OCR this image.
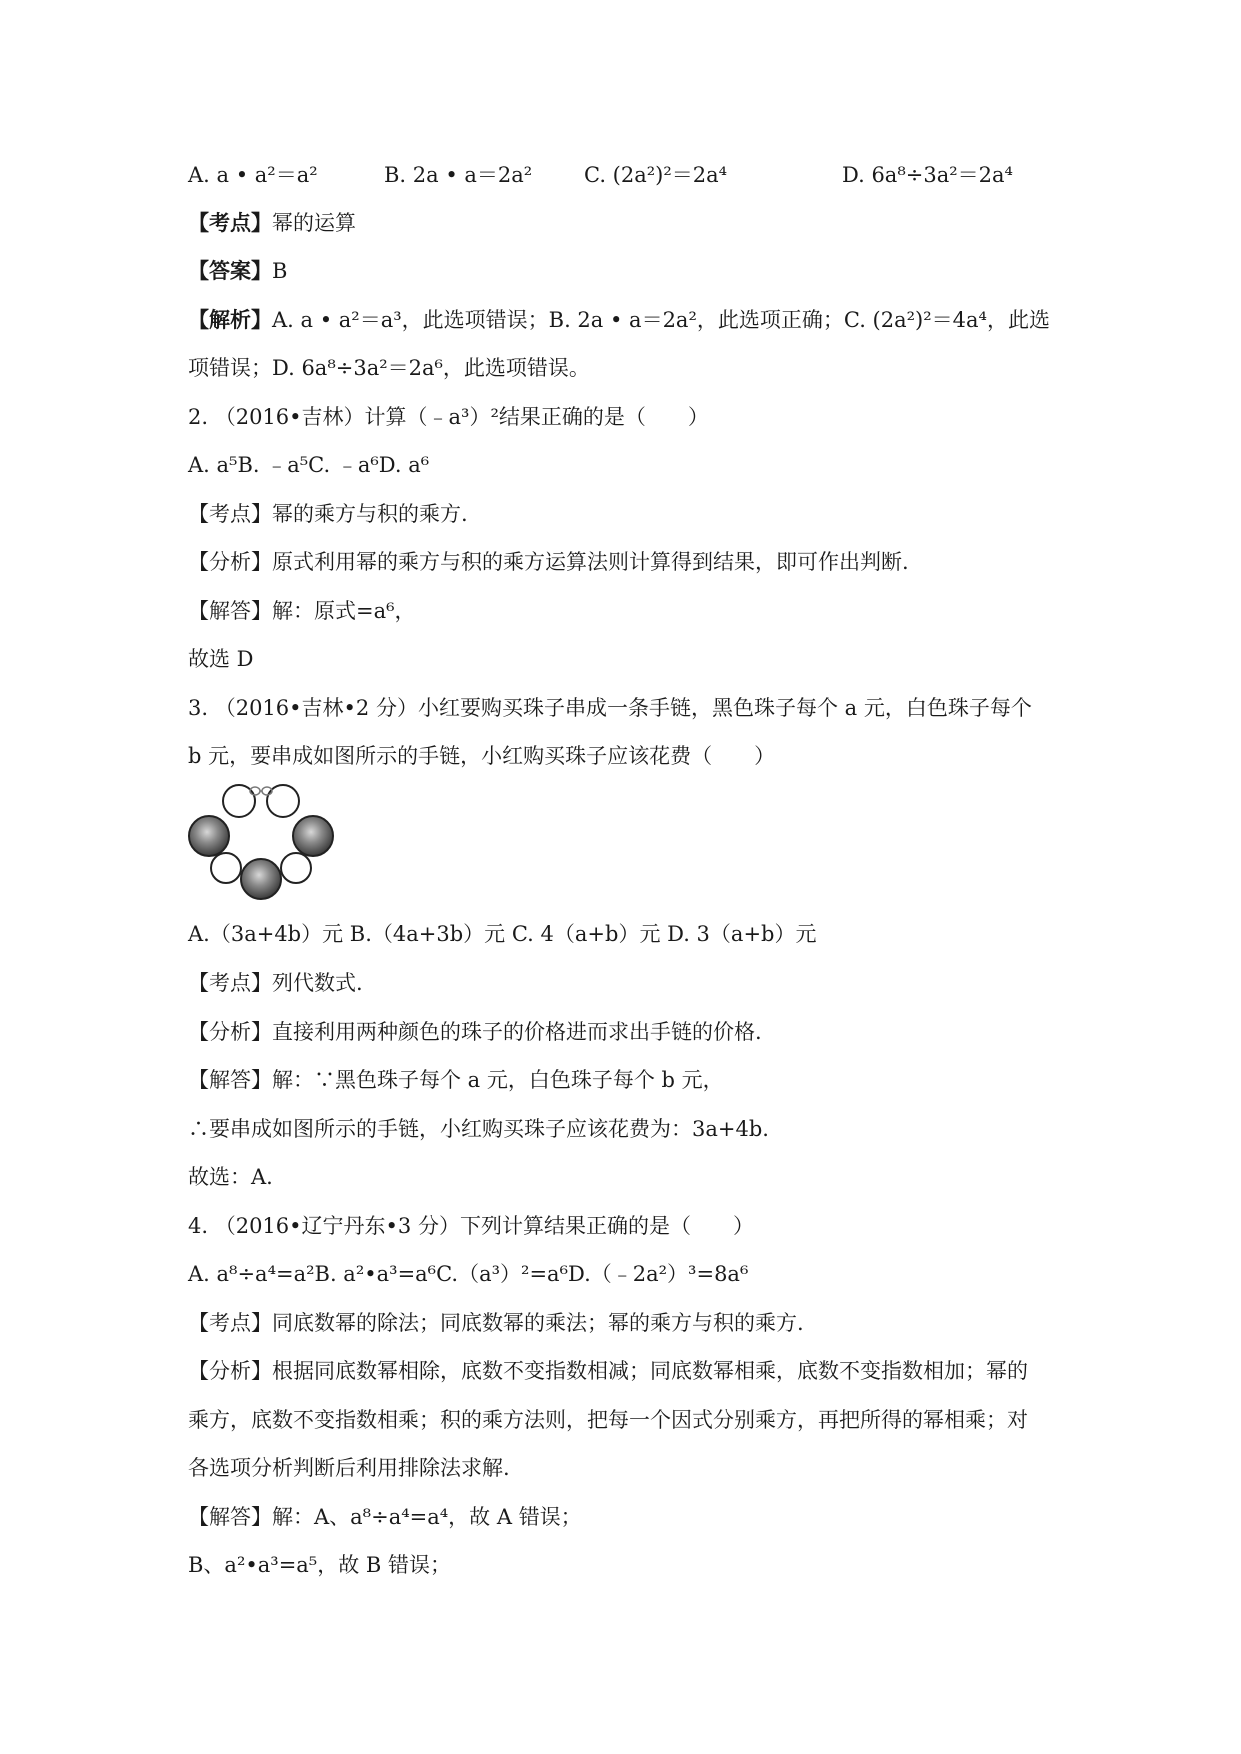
A. a • a²＝a²	B. 2a • a＝2a² C. (2a²)²＝2a⁴	D. 6a⁸÷3a²＝2a⁴

【考点】幂的运算

【答案】B

【解析】A. a • a²＝a³，此选项错误；B. 2a • a＝2a²，此选项正确；C. (2a²)²＝4a⁴，此选

项错误；D. 6a⁸÷3a²＝2a⁶，此选项错误。

2. （2016•吉林）计算（﹣a³）²结果正确的是（　　）

A. a⁵B. ﹣a⁵C. ﹣a⁶D. a⁶

【考点】幂的乘方与积的乘方.

【分析】原式利用幂的乘方与积的乘方运算法则计算得到结果，即可作出判断.

【解答】解：原式=a⁶，

故选 D

3. （2016•吉林•2 分）小红要购买珠子串成一条手链，黑色珠子每个 a 元，白色珠子每个

b 元，要串成如图所示的手链，小红购买珠子应该花费（　　）

A.（3a+4b）元 B.（4a+3b）元 C. 4（a+b）元 D. 3（a+b）元

【考点】列代数式.

【分析】直接利用两种颜色的珠子的价格进而求出手链的价格.

【解答】解：∵黑色珠子每个 a 元，白色珠子每个 b 元，

∴要串成如图所示的手链，小红购买珠子应该花费为：3a+4b.

故选：A.

4. （2016•辽宁丹东•3 分）下列计算结果正确的是（　　）

A. a⁸÷a⁴=a²B. a²•a³=a⁶C.（a³）²=a⁶D.（﹣2a²）³=8a⁶

【考点】同底数幂的除法；同底数幂的乘法；幂的乘方与积的乘方.

【分析】根据同底数幂相除，底数不变指数相减；同底数幂相乘，底数不变指数相加；幂的

乘方，底数不变指数相乘；积的乘方法则，把每一个因式分别乘方，再把所得的幂相乘；对

各选项分析判断后利用排除法求解.

【解答】解：A、a⁸÷a⁴=a⁴，故 A 错误；

B、a²•a³=a⁵，故 B 错误；
